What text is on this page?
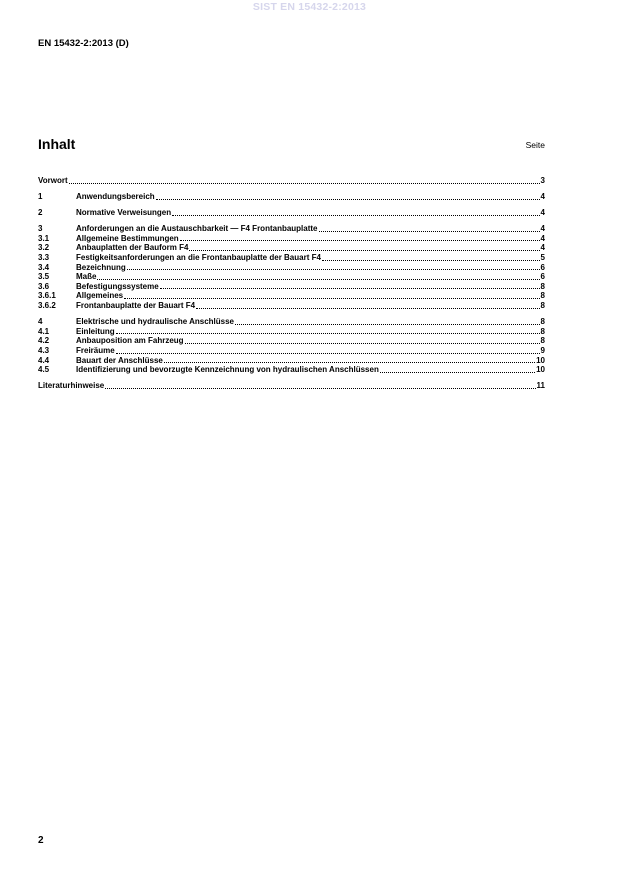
SIST EN 15432-2:2013
EN 15432-2:2013 (D)
Inhalt	Seite
Vorwort	3
1	Anwendungsbereich	4
2	Normative Verweisungen	4
3	Anforderungen an die Austauschbarkeit — F4 Frontanbauplatte	4
3.1	Allgemeine Bestimmungen	4
3.2	Anbauplatten der Bauform F4	4
3.3	Festigkeitsanforderungen an die Frontanbauplatte der Bauart F4	5
3.4	Bezeichnung	6
3.5	Maße	6
3.6	Befestigungssysteme	8
3.6.1	Allgemeines	8
3.6.2	Frontanbauplatte der Bauart F4	8
4	Elektrische und hydraulische Anschlüsse	8
4.1	Einleitung	8
4.2	Anbauposition am Fahrzeug	8
4.3	Freiräume	9
4.4	Bauart der Anschlüsse	10
4.5	Identifizierung und bevorzugte Kennzeichnung von hydraulischen Anschlüssen	10
Literaturhinweise	11
2
